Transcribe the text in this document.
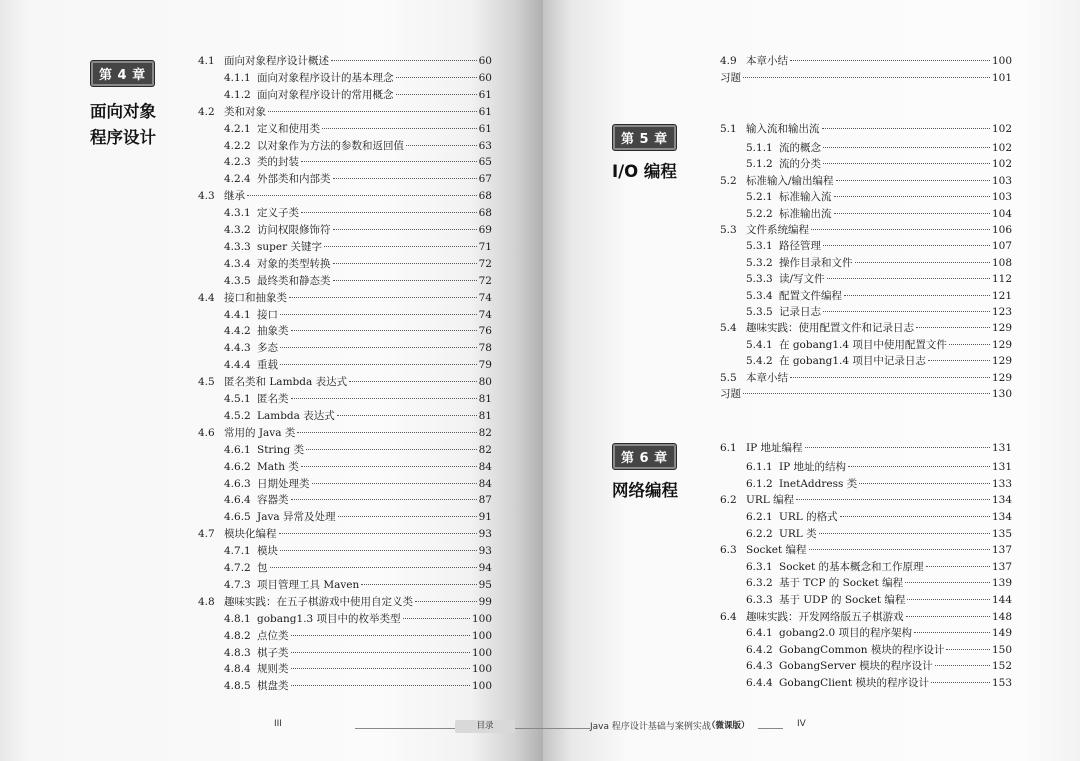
第 4 章
面向对象
程序设计
4.1 面向对象程序设计概述	60
4.1.1 面向对象程序设计的基本理念	60
4.1.2 面向对象程序设计的常用概念	61
4.2 类和对象	61
4.2.1 定义和使用类	61
4.2.2 以对象作为方法的参数和返回值	63
4.2.3 类的封装	65
4.2.4 外部类和内部类	67
4.3 继承	68
4.3.1 定义子类	68
4.3.2 访问权限修饰符	69
4.3.3 super 关键字	71
4.3.4 对象的类型转换	72
4.3.5 最终类和静态类	72
4.4 接口和抽象类	74
4.4.1 接口	74
4.4.2 抽象类	76
4.4.3 多态	78
4.4.4 重载	79
4.5 匿名类和 Lambda 表达式	80
4.5.1 匿名类	81
4.5.2 Lambda 表达式	81
4.6 常用的 Java 类	82
4.6.1 String 类	82
4.6.2 Math 类	84
4.6.3 日期处理类	84
4.6.4 容器类	87
4.6.5 Java 异常及处理	91
4.7 模块化编程	93
4.7.1 模块	93
4.7.2 包	94
4.7.3 项目管理工具 Maven	95
4.8 趣味实践：在五子棋游戏中使用自定义类	99
4.8.1 gobang1.3 项目中的枚举类型	100
4.8.2 点位类	100
4.8.3 棋子类	100
4.8.4 规则类	100
4.8.5 棋盘类	100
III	目录
4.9 本章小结	100
习题	101
第 5 章
I/O 编程
5.1 输入流和输出流	102
5.1.1 流的概念	102
5.1.2 流的分类	102
5.2 标准输入/输出编程	103
5.2.1 标准输入流	103
5.2.2 标准输出流	104
5.3 文件系统编程	106
5.3.1 路径管理	107
5.3.2 操作目录和文件	108
5.3.3 读/写文件	112
5.3.4 配置文件编程	121
5.3.5 记录日志	123
5.4 趣味实践：使用配置文件和记录日志	129
5.4.1 在 gobang1.4 项目中使用配置文件	129
5.4.2 在 gobang1.4 项目中记录日志	129
5.5 本章小结	129
习题	130
第 6 章
网络编程
6.1 IP 地址编程	131
6.1.1 IP 地址的结构	131
6.1.2 InetAddress 类	133
6.2 URL 编程	134
6.2.1 URL 的格式	134
6.2.2 URL 类	135
6.3 Socket 编程	137
6.3.1 Socket 的基本概念和工作原理	137
6.3.2 基于 TCP 的 Socket 编程	139
6.3.3 基于 UDP 的 Socket 编程	144
6.4 趣味实践：开发网络版五子棋游戏	148
6.4.1 gobang2.0 项目的程序架构	149
6.4.2 GobangCommon 模块的程序设计	150
6.4.3 GobangServer 模块的程序设计	152
6.4.4 GobangClient 模块的程序设计	153
Java 程序设计基础与案例实战
（微课版）	IV
